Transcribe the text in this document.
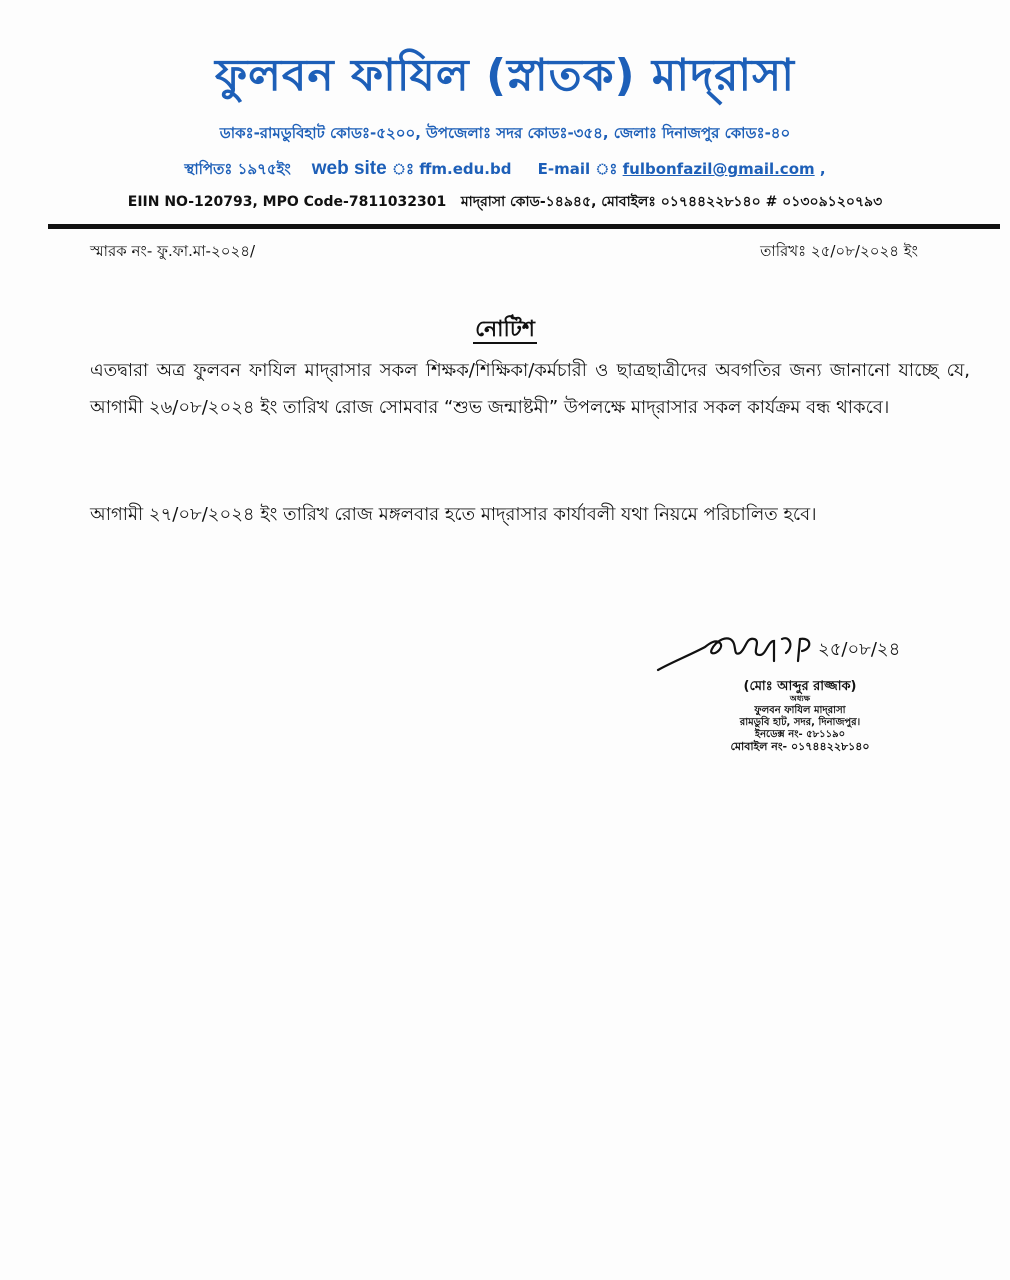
ফুলবন ফাযিল (স্নাতক) মাদ্‌রাসা
ডাকঃ-রামডুবিহাট কোডঃ-৫২০০, উপজেলাঃ সদর কোডঃ-৩৫৪, জেলাঃ দিনাজপুর কোডঃ-৪০
স্থাপিতঃ ১৯৭৫ইং web site ঃ ffm.edu.bd E-mail ঃ fulbonfazil@gmail.com ,
EIIN NO-120793, MPO Code-7811032301 মাদ্‌রাসা কোড-১৪৯৪৫, মোবাইলঃ ০১৭৪৪২২৮১৪০ # ০১৩০৯১২০৭৯৩
স্মারক নং- ফু.ফা.মা-২০২৪/	তারিখঃ ২৫/০৮/২০২৪ ইং
নোটিশ
এতদ্বারা অত্র ফুলবন ফাযিল মাদ্‌রাসার সকল শিক্ষক/শিক্ষিকা/কর্মচারী ও ছাত্রছাত্রীদের অবগতির জন্য জানানো যাচ্ছে যে, আগামী ২৬/০৮/২০২৪ ইং তারিখ রোজ সোমবার “শুভ জন্মাষ্টমী” উপলক্ষে মাদ্‌রাসার সকল কার্যক্রম বন্ধ থাকবে।
আগামী ২৭/০৮/২০২৪ ইং তারিখ রোজ মঙ্গলবার হতে মাদ্‌রাসার কার্যাবলী যথা নিয়মে পরিচালিত হবে।
২৫/০৮/২৪
(মোঃ আব্দুর রাজ্জাক)
অধ্যক্ষ
ফুলবন ফাযিল মাদ্‌রাসা
রামডুবি হাট, সদর, দিনাজপুর।
ইনডেক্স নং- ৫৮১১৯০
মোবাইল নং- ০১৭৪৪২২৮১৪০
